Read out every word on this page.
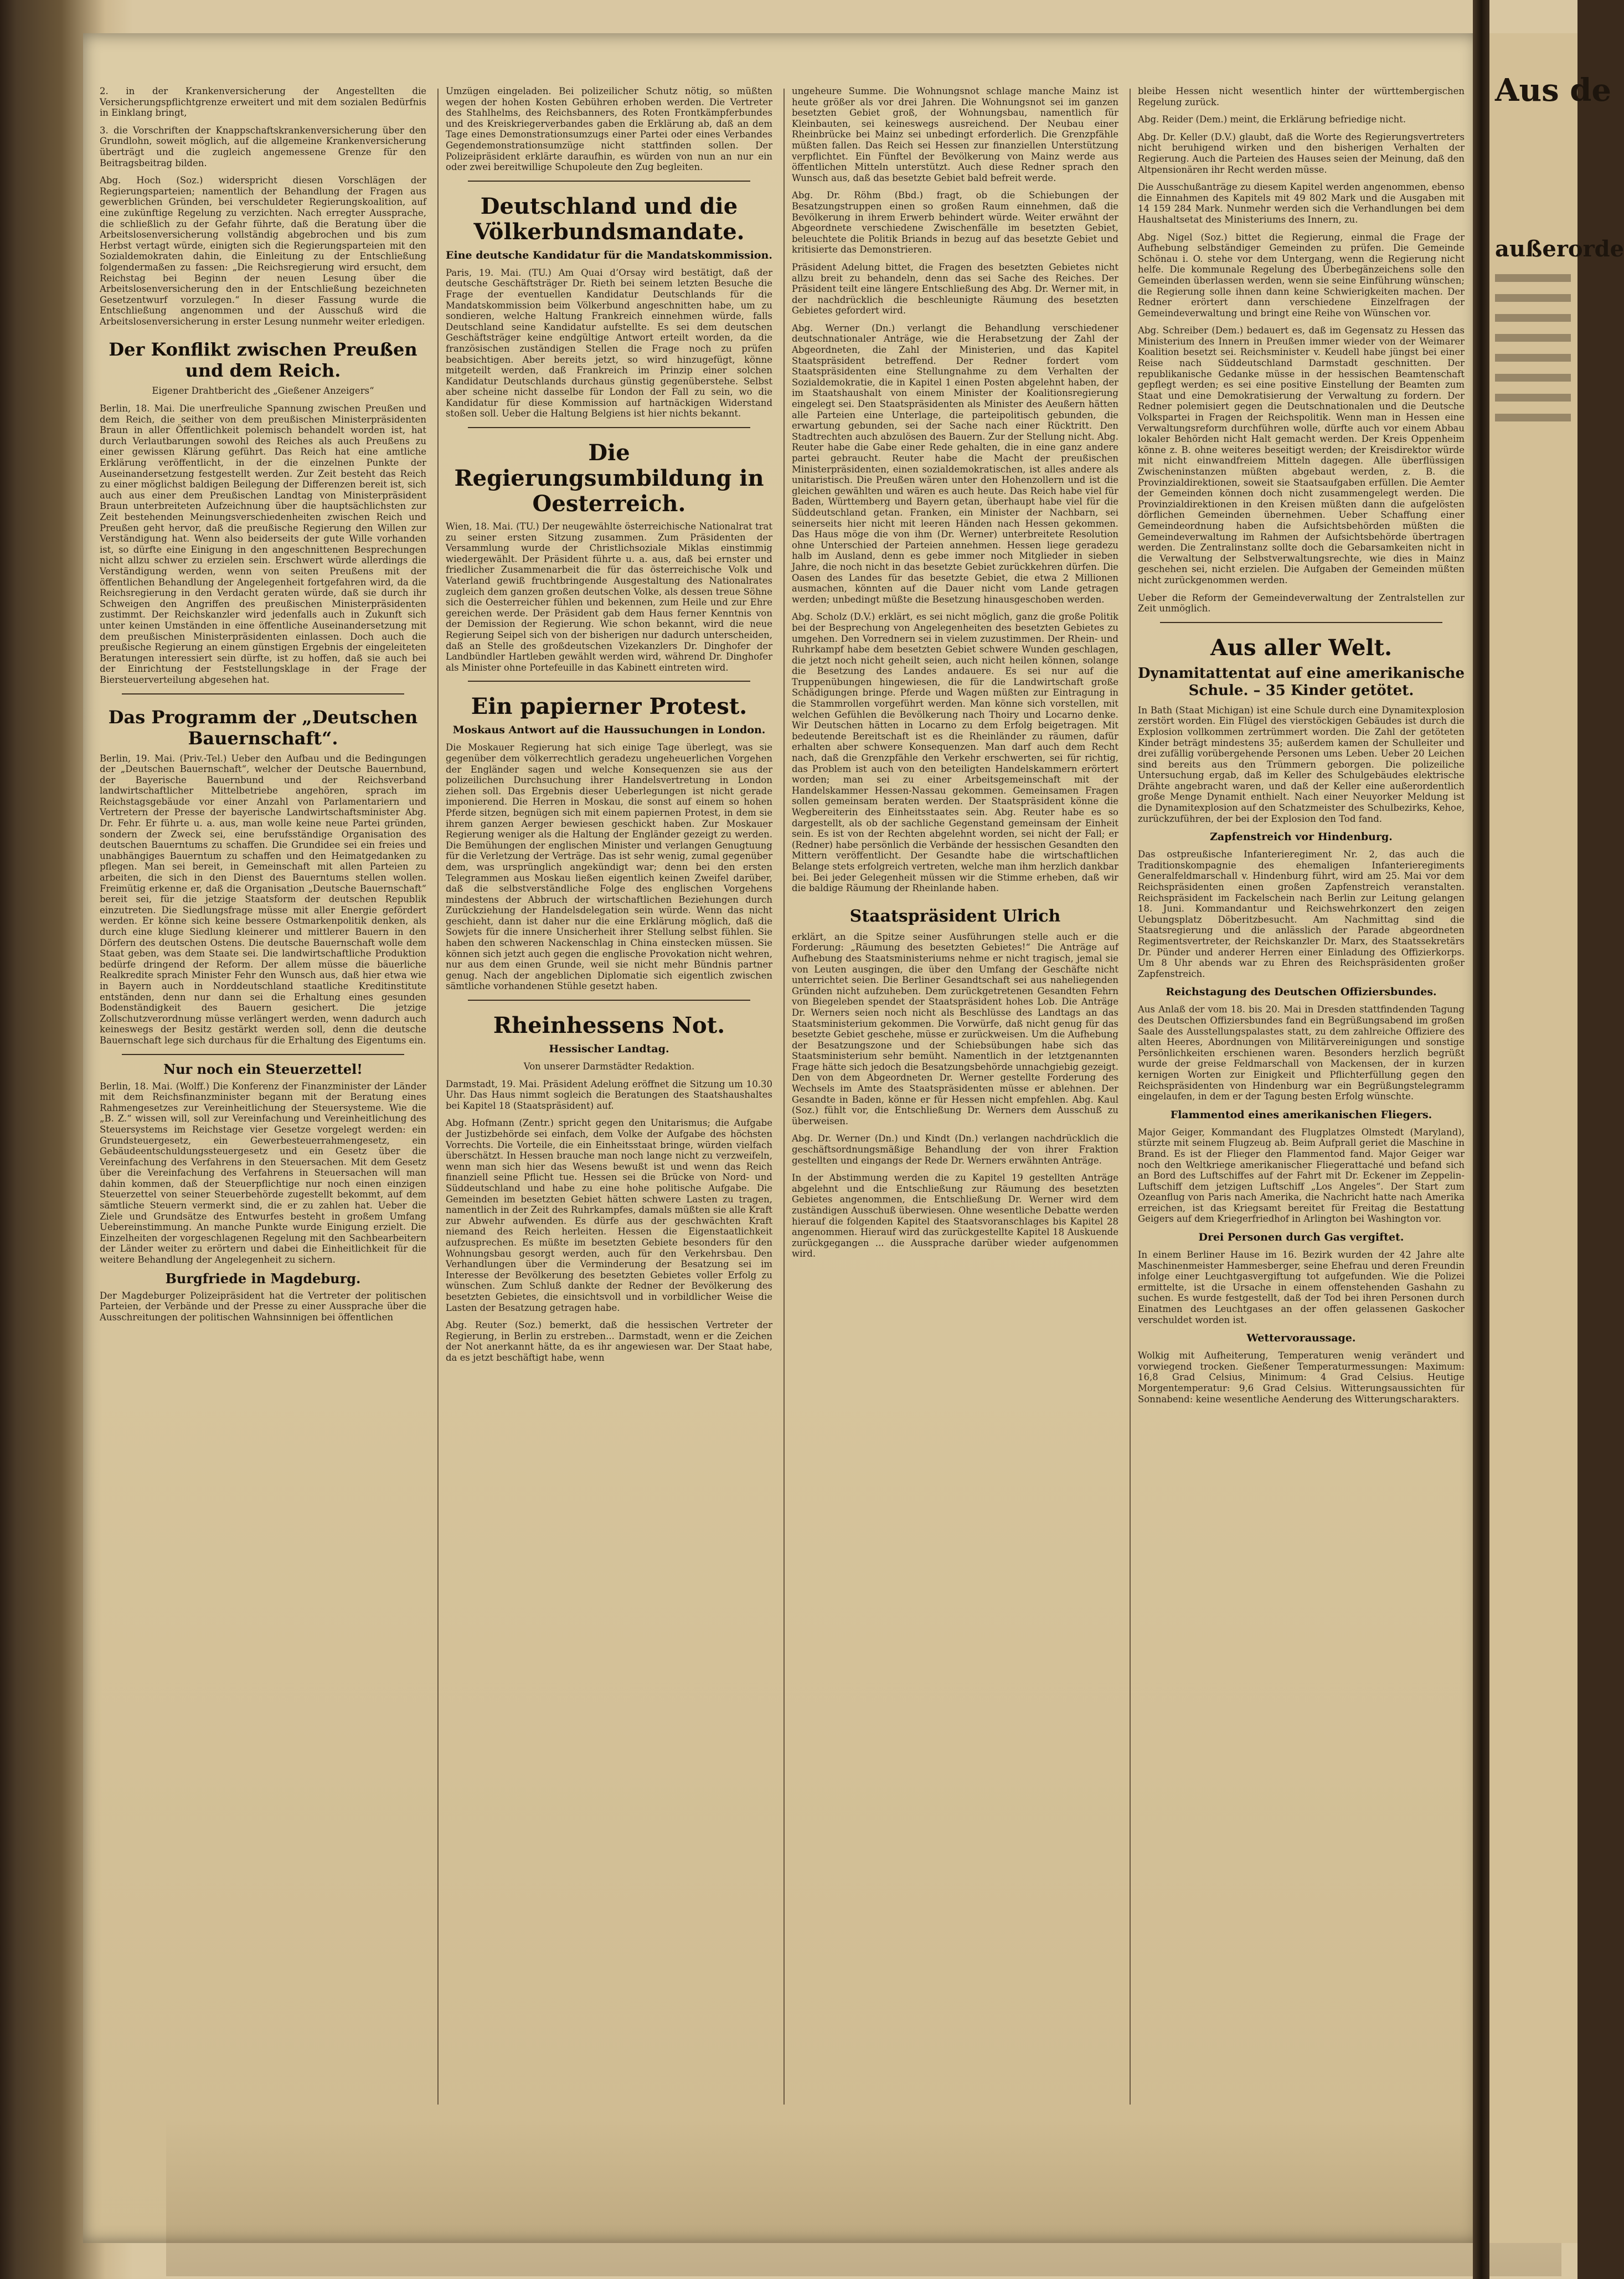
2. in der Krankenversicherung der Angestellten die Versicherungspflichtgrenze erweitert und mit dem sozialen Bedürfnis in Einklang bringt,

3. die Vorschriften der Knappschaftskrankenversicherung über den Grundlohn, soweit möglich, auf die allgemeine Krankenversicherung überträgt und die zugleich angemessene Grenze für den Beitragsbeitrag bilden.

Abg. Hoch (Soz.) widerspricht diesen Vorschlägen der Regierungsparteien; namentlich der Behandlung der Fragen aus gewerblichen Gründen, bei verschuldeter Regierungskoalition, auf eine zukünftige Regelung zu verzichten. Nach erregter Aussprache, die schließlich zu der Gefahr führte, daß die Beratung über die Arbeitslosenversicherung vollständig abgebrochen und bis zum Herbst vertagt würde, einigten sich die Regierungsparteien mit den Sozialdemokraten dahin, die Einleitung zu der Entschließung folgendermaßen zu fassen: „Die Reichsregierung wird ersucht, dem Reichstag bei Beginn der neuen Lesung über die Arbeitslosenversicherung den in der Entschließung bezeichneten Gesetzentwurf vorzulegen.“ In dieser Fassung wurde die Entschließung angenommen und der Ausschuß wird die Arbeitslosenversicherung in erster Lesung nunmehr weiter erledigen.

Der Konflikt zwischen Preußen und dem Reich.

Eigener Drahtbericht des „Gießener Anzeigers“

Berlin, 18. Mai. Die unerfreuliche Spannung zwischen Preußen und dem Reich, die seither von dem preußischen Ministerpräsidenten Braun in aller Öffentlichkeit polemisch behandelt worden ist, hat durch Verlautbarungen sowohl des Reiches als auch Preußens zu einer gewissen Klärung geführt. Das Reich hat eine amtliche Erklärung veröffentlicht, in der die einzelnen Punkte der Auseinandersetzung festgestellt werden. Zur Zeit besteht das Reich zu einer möglichst baldigen Beilegung der Differenzen bereit ist, sich auch aus einer dem Preußischen Landtag von Ministerpräsident Braun unterbreiteten Aufzeichnung über die hauptsächlichsten zur Zeit bestehenden Meinungsverschiedenheiten zwischen Reich und Preußen geht hervor, daß die preußische Regierung den Willen zur Verständigung hat. Wenn also beiderseits der gute Wille vorhanden ist, so dürfte eine Einigung in den angeschnittenen Besprechungen nicht allzu schwer zu erzielen sein. Erschwert würde allerdings die Verständigung werden, wenn von seiten Preußens mit der öffentlichen Behandlung der Angelegenheit fortgefahren wird, da die Reichsregierung in den Verdacht geraten würde, daß sie durch ihr Schweigen den Angriffen des preußischen Ministerpräsidenten zustimmt. Der Reichskanzler wird jedenfalls auch in Zukunft sich unter keinen Umständen in eine öffentliche Auseinandersetzung mit dem preußischen Ministerpräsidenten einlassen. Doch auch die preußische Regierung an einem günstigen Ergebnis der eingeleiteten Beratungen interessiert sein dürfte, ist zu hoffen, daß sie auch bei der Einrichtung der Feststellungsklage in der Frage der Biersteuerverteilung abgesehen hat.

Das Programm der „Deutschen Bauernschaft“.

Berlin, 19. Mai. (Priv.-Tel.) Ueber den Aufbau und die Bedingungen der „Deutschen Bauernschaft“, welcher der Deutsche Bauernbund, der Bayerische Bauernbund und der Reichsverband landwirtschaftlicher Mittelbetriebe angehören, sprach im Reichstagsgebäude vor einer Anzahl von Parlamentariern und Vertretern der Presse der bayerische Landwirtschaftsminister Abg. Dr. Fehr. Er führte u. a. aus, man wolle keine neue Partei gründen, sondern der Zweck sei, eine berufsständige Organisation des deutschen Bauerntums zu schaffen. Die Grundidee sei ein freies und unabhängiges Bauerntum zu schaffen und den Heimatgedanken zu pflegen. Man sei bereit, in Gemeinschaft mit allen Parteien zu arbeiten, die sich in den Dienst des Bauerntums stellen wollen. Freimütig erkenne er, daß die Organisation „Deutsche Bauernschaft“ bereit sei, für die jetzige Staatsform der deutschen Republik einzutreten. Die Siedlungsfrage müsse mit aller Energie gefördert werden. Er könne sich keine bessere Ostmarkenpolitik denken, als durch eine kluge Siedlung kleinerer und mittlerer Bauern in den Dörfern des deutschen Ostens. Die deutsche Bauernschaft wolle dem Staat geben, was dem Staate sei. Die landwirtschaftliche Produktion bedürfe dringend der Reform. Der allem müsse die bäuerliche Realkredite sprach Minister Fehr den Wunsch aus, daß hier etwa wie in Bayern auch in Norddeutschland staatliche Kreditinstitute entständen, denn nur dann sei die Erhaltung eines gesunden Bodenständigkeit des Bauern gesichert. Die jetzige Zollschutzverordnung müsse verlängert werden, wenn dadurch auch keineswegs der Besitz gestärkt werden soll, denn die deutsche Bauernschaft lege sich durchaus für die Erhaltung des Eigentums ein.

Nur noch ein Steuerzettel!

Berlin, 18. Mai. (Wolff.) Die Konferenz der Finanzminister der Länder mit dem Reichsfinanzminister begann mit der Beratung eines Rahmengesetzes zur Vereinheitlichung der Steuersysteme. Wie die „B. Z.“ wissen will, soll zur Vereinfachung und Vereinheitlichung des Steuersystems im Reichstage vier Gesetze vorgelegt werden: ein Grundsteuergesetz, ein Gewerbesteuerrahmengesetz, ein Gebäudeentschuldungssteuergesetz und ein Gesetz über die Vereinfachung des Verfahrens in den Steuersachen. Mit dem Gesetz über die Vereinfachung des Verfahrens in Steuersachen will man dahin kommen, daß der Steuerpflichtige nur noch einen einzigen Steuerzettel von seiner Steuerbehörde zugestellt bekommt, auf dem sämtliche Steuern vermerkt sind, die er zu zahlen hat. Ueber die Ziele und Grundsätze des Entwurfes besteht in großem Umfang Uebereinstimmung. An manche Punkte wurde Einigung erzielt. Die Einzelheiten der vorgeschlagenen Regelung mit den Sachbearbeitern der Länder weiter zu erörtern und dabei die Einheitlichkeit für die weitere Behandlung der Angelegenheit zu sichern.

Burgfriede in Magdeburg.

Der Magdeburger Polizeipräsident hat die Vertreter der politischen Parteien, der Verbände und der Presse zu einer Aussprache über die Ausschreitungen der politischen Wahnsinnigen bei öffentlichen

Umzügen eingeladen. Bei polizeilicher Schutz nötig, so müßten wegen der hohen Kosten Gebühren erhoben werden. Die Vertreter des Stahlhelms, des Reichsbanners, des Roten Frontkämpferbundes und des Kreiskriegerverbandes gaben die Erklärung ab, daß an dem Tage eines Demonstrationsumzugs einer Partei oder eines Verbandes Gegendemonstrationsumzüge nicht stattfinden sollen. Der Polizeipräsident erklärte daraufhin, es würden von nun an nur ein oder zwei bereitwillige Schupoleute den Zug begleiten.

Deutschland und die Völkerbundsmandate.
Eine deutsche Kandidatur für die Mandatskommission.

Paris, 19. Mai. (TU.) Am Quai d’Orsay wird bestätigt, daß der deutsche Geschäftsträger Dr. Rieth bei seinem letzten Besuche die Frage der eventuellen Kandidatur Deutschlands für die Mandatskommission beim Völkerbund angeschnitten habe, um zu sondieren, welche Haltung Frankreich einnehmen würde, falls Deutschland seine Kandidatur aufstellte. Es sei dem deutschen Geschäftsträger keine endgültige Antwort erteilt worden, da die französischen zuständigen Stellen die Frage noch zu prüfen beabsichtigen. Aber bereits jetzt, so wird hinzugefügt, könne mitgeteilt werden, daß Frankreich im Prinzip einer solchen Kandidatur Deutschlands durchaus günstig gegenüberstehe. Selbst aber scheine nicht dasselbe für London der Fall zu sein, wo die Kandidatur für diese Kommission auf hartnäckigen Widerstand stoßen soll. Ueber die Haltung Belgiens ist hier nichts bekannt.

Die Regierungsumbildung in Oesterreich.

Wien, 18. Mai. (TU.) Der neugewählte österreichische Nationalrat trat zu seiner ersten Sitzung zusammen. Zum Präsidenten der Versammlung wurde der Christlichsoziale Miklas einstimmig wiedergewählt. Der Präsident führte u. a. aus, daß bei ernster und friedlicher Zusammenarbeit die für das österreichische Volk und Vaterland gewiß fruchtbringende Ausgestaltung des Nationalrates zugleich dem ganzen großen deutschen Volke, als dessen treue Söhne sich die Oesterreicher fühlen und bekennen, zum Heile und zur Ehre gereichen werde. Der Präsident gab dem Haus ferner Kenntnis von der Demission der Regierung. Wie schon bekannt, wird die neue Regierung Seipel sich von der bisherigen nur dadurch unterscheiden, daß an Stelle des großdeutschen Vizekanzlers Dr. Dinghofer der Landbündler Hartleben gewählt werden wird, während Dr. Dinghofer als Minister ohne Portefeuille in das Kabinett eintreten wird.

Ein papierner Protest.
Moskaus Antwort auf die Haussuchungen in London.

Die Moskauer Regierung hat sich einige Tage überlegt, was sie gegenüber dem völkerrechtlich geradezu ungeheuerlichen Vorgehen der Engländer sagen und welche Konsequenzen sie aus der polizeilichen Durchsuchung ihrer Handelsvertretung in London ziehen soll. Das Ergebnis dieser Ueberlegungen ist nicht gerade imponierend. Die Herren in Moskau, die sonst auf einem so hohen Pferde sitzen, begnügen sich mit einem papiernen Protest, in dem sie ihrem ganzen Aerger bewiesen geschickt haben. Zur Moskauer Regierung weniger als die Haltung der Engländer gezeigt zu werden. Die Bemühungen der englischen Minister und verlangen Genugtuung für die Verletzung der Verträge. Das ist sehr wenig, zumal gegenüber dem, was ursprünglich angekündigt war; denn bei den ersten Telegrammen aus Moskau ließen eigentlich keinen Zweifel darüber, daß die selbstverständliche Folge des englischen Vorgehens mindestens der Abbruch der wirtschaftlichen Beziehungen durch Zurückziehung der Handelsdelegation sein würde. Wenn das nicht geschieht, dann ist daher nur die eine Erklärung möglich, daß die Sowjets für die innere Unsicherheit ihrer Stellung selbst fühlen. Sie haben den schweren Nackenschlag in China einstecken müssen. Sie können sich jetzt auch gegen die englische Provokation nicht wehren, nur aus dem einen Grunde, weil sie nicht mehr Bündnis partner genug. Nach der angeblichen Diplomatie sich eigentlich zwischen sämtliche vorhandenen Stühle gesetzt haben.

Rheinhessens Not.
Hessischer Landtag.

Von unserer Darmstädter Redaktion.

Darmstadt, 19. Mai. Präsident Adelung eröffnet die Sitzung um 10.30 Uhr. Das Haus nimmt sogleich die Beratungen des Staatshaushaltes bei Kapitel 18 (Staatspräsident) auf.

Abg. Hofmann (Zentr.) spricht gegen den Unitarismus; die Aufgabe der Justizbehörde sei einfach, dem Volke der Aufgabe des höchsten Vorrechts. Die Vorteile, die ein Einheitsstaat bringe, würden vielfach überschätzt. In Hessen brauche man noch lange nicht zu verzweifeln, wenn man sich hier das Wesens bewußt ist und wenn das Reich finanziell seine Pflicht tue. Hessen sei die Brücke von Nord- und Süddeutschland und habe zu eine hohe politische Aufgabe. Die Gemeinden im besetzten Gebiet hätten schwere Lasten zu tragen, namentlich in der Zeit des Ruhrkampfes, damals müßten sie alle Kraft zur Abwehr aufwenden. Es dürfe aus der geschwächten Kraft niemand des Reich herleiten. Hessen die Eigenstaatlichkeit aufzusprechen. Es müßte im besetzten Gebiete besonders für den Wohnungsbau gesorgt werden, auch für den Verkehrsbau. Den Verhandlungen über die Verminderung der Besatzung sei im Interesse der Bevölkerung des besetzten Gebietes voller Erfolg zu wünschen. Zum Schluß dankte der Redner der Bevölkerung des besetzten Gebietes, die einsichtsvoll und in vorbildlicher Weise die Lasten der Besatzung getragen habe.

Abg. Reuter (Soz.) bemerkt, daß die hessischen Vertreter der Regierung, in Berlin zu erstreben... Darmstadt, wenn er die Zeichen der Not anerkannt hätte, da es ihr angewiesen war. Der Staat habe, da es jetzt beschäftigt habe, wenn

ungeheure Summe. Die Wohnungsnot schlage manche Mainz ist heute größer als vor drei Jahren. Die Wohnungsnot sei im ganzen besetzten Gebiet groß, der Wohnungsbau, namentlich für Kleinbauten, sei keineswegs ausreichend. Der Neubau einer Rheinbrücke bei Mainz sei unbedingt erforderlich. Die Grenzpfähle müßten fallen. Das Reich sei Hessen zur finanziellen Unterstützung verpflichtet. Ein Fünftel der Bevölkerung von Mainz werde aus öffentlichen Mitteln unterstützt. Auch diese Redner sprach den Wunsch aus, daß das besetzte Gebiet bald befreit werde.

Abg. Dr. Röhm (Bbd.) fragt, ob die Schiebungen der Besatzungstruppen einen so großen Raum einnehmen, daß die Bevölkerung in ihrem Erwerb behindert würde. Weiter erwähnt der Abgeordnete verschiedene Zwischenfälle im besetzten Gebiet, beleuchtete die Politik Briands in bezug auf das besetzte Gebiet und kritisierte das Demonstrieren.

Präsident Adelung bittet, die Fragen des besetzten Gebietes nicht allzu breit zu behandeln, denn das sei Sache des Reiches. Der Präsident teilt eine längere Entschließung des Abg. Dr. Werner mit, in der nachdrücklich die beschleunigte Räumung des besetzten Gebietes gefordert wird.

Abg. Werner (Dn.) verlangt die Behandlung verschiedener deutschnationaler Anträge, wie die Herabsetzung der Zahl der Abgeordneten, die Zahl der Ministerien, und das Kapitel Staatspräsident betreffend. Der Redner fordert vom Staatspräsidenten eine Stellungnahme zu dem Verhalten der Sozialdemokratie, die in Kapitel 1 einen Posten abgelehnt haben, der im Staatshaushalt von einem Minister der Koalitionsregierung eingelegt sei. Den Staatspräsidenten als Minister des Aeußern hätten alle Parteien eine Unterlage, die parteipolitisch gebunden, die erwartung gebunden, sei der Sache nach einer Rücktritt. Den Stadtrechten auch abzulösen des Bauern. Zur der Stellung nicht. Abg. Reuter habe die Gabe einer Rede gehalten, die in eine ganz andere partei gebraucht. Reuter habe die Macht der preußischen Ministerpräsidenten, einen sozialdemokratischen, ist alles andere als unitaristisch. Die Preußen wären unter den Hohenzollern und ist die gleichen gewählten und wären es auch heute. Das Reich habe viel für Baden, Württemberg und Bayern getan, überhaupt habe viel für die Süddeutschland getan. Franken, ein Minister der Nachbarn, sei seinerseits hier nicht mit leeren Händen nach Hessen gekommen. Das Haus möge die von ihm (Dr. Werner) unterbreitete Resolution ohne Unterschied der Parteien annehmen. Hessen liege geradezu halb im Ausland, denn es gebe immer noch Mitglieder in sieben Jahre, die noch nicht in das besetzte Gebiet zurückkehren dürfen. Die Oasen des Landes für das besetzte Gebiet, die etwa 2 Millionen ausmachen, könnten auf die Dauer nicht vom Lande getragen werden; unbedingt müßte die Besetzung hinausgeschoben werden.

Abg. Scholz (D.V.) erklärt, es sei nicht möglich, ganz die große Politik bei der Besprechung von Angelegenheiten des besetzten Gebietes zu umgehen. Den Vorrednern sei in vielem zuzustimmen. Der Rhein- und Ruhrkampf habe dem besetzten Gebiet schwere Wunden geschlagen, die jetzt noch nicht geheilt seien, auch nicht heilen können, solange die Besetzung des Landes andauere. Es sei nur auf die Truppenübungen hingewiesen, die für die Landwirtschaft große Schädigungen bringe. Pferde und Wagen müßten zur Eintragung in die Stammrollen vorgeführt werden. Man könne sich vorstellen, mit welchen Gefühlen die Bevölkerung nach Thoiry und Locarno denke. Wir Deutschen hätten in Locarno zu dem Erfolg beigetragen. Mit bedeutende Bereitschaft ist es die Rheinländer zu räumen, dafür erhalten aber schwere Konsequenzen. Man darf auch dem Recht nach, daß die Grenzpfähle den Verkehr erschwerten, sei für richtig, das Problem ist auch von den beteiligten Handelskammern erörtert worden; man sei zu einer Arbeitsgemeinschaft mit der Handelskammer Hessen-Nassau gekommen. Gemeinsamen Fragen sollen gemeinsam beraten werden. Der Staatspräsident könne die Wegbereiterin des Einheitsstaates sein. Abg. Reuter habe es so dargestellt, als ob der sachliche Gegenstand gemeinsam der Einheit sein. Es ist von der Rechten abgelehnt worden, sei nicht der Fall; er (Redner) habe persönlich die Verbände der hessischen Gesandten den Mittern veröffentlicht. Der Gesandte habe die wirtschaftlichen Belange stets erfolgreich vertreten, welche man ihm herzlich dankbar bei. Bei jeder Gelegenheit müssen wir die Stimme erheben, daß wir die baldige Räumung der Rheinlande haben.

Staatspräsident Ulrich

erklärt, an die Spitze seiner Ausführungen stelle auch er die Forderung: „Räumung des besetzten Gebietes!“ Die Anträge auf Aufhebung des Staatsministeriums nehme er nicht tragisch, jemal sie von Leuten ausgingen, die über den Umfang der Geschäfte nicht unterrichtet seien. Die Berliner Gesandtschaft sei aus naheliegenden Gründen nicht aufzuheben. Dem zurückgetretenen Gesandten Fehrn von Biegeleben spendet der Staatspräsident hohes Lob. Die Anträge Dr. Werners seien noch nicht als Beschlüsse des Landtags an das Staatsministerium gekommen. Die Vorwürfe, daß nicht genug für das besetzte Gebiet geschehe, müsse er zurückweisen. Um die Aufhebung der Besatzungszone und der Schiebsübungen habe sich das Staatsministerium sehr bemüht. Namentlich in der letztgenannten Frage hätte sich jedoch die Besatzungsbehörde unnachgiebig gezeigt. Den von dem Abgeordneten Dr. Werner gestellte Forderung des Wechsels im Amte des Staatspräsidenten müsse er ablehnen. Der Gesandte in Baden, könne er für Hessen nicht empfehlen. Abg. Kaul (Soz.) fühlt vor, die Entschließung Dr. Werners dem Ausschuß zu überweisen.

Abg. Dr. Werner (Dn.) und Kindt (Dn.) verlangen nachdrücklich die geschäftsordnungsmäßige Behandlung der von ihrer Fraktion gestellten und eingangs der Rede Dr. Werners erwähnten Anträge.

In der Abstimmung werden die zu Kapitel 19 gestellten Anträge abgelehnt und die Entschließung zur Räumung des besetzten Gebietes angenommen, die Entschließung Dr. Werner wird dem zuständigen Ausschuß überwiesen. Ohne wesentliche Debatte werden hierauf die folgenden Kapitel des Staatsvoranschlages bis Kapitel 28 angenommen. Hierauf wird das zurückgestellte Kapitel 18 Auskuende zurückgegangen ... die Aussprache darüber wieder aufgenommen wird.

bleibe Hessen nicht wesentlich hinter der württembergischen Regelung zurück.

Abg. Reider (Dem.) meint, die Erklärung befriedige nicht.

Abg. Dr. Keller (D.V.) glaubt, daß die Worte des Regierungsvertreters nicht beruhigend wirken und den bisherigen Verhalten der Regierung. Auch die Parteien des Hauses seien der Meinung, daß den Altpensionären ihr Recht werden müsse.

Die Ausschußanträge zu diesem Kapitel werden angenommen, ebenso die Einnahmen des Kapitels mit 49 802 Mark und die Ausgaben mit 14 159 284 Mark. Nunmehr werden sich die Verhandlungen bei dem Haushaltsetat des Ministeriums des Innern, zu.

Abg. Nigel (Soz.) bittet die Regierung, einmal die Frage der Aufhebung selbständiger Gemeinden zu prüfen. Die Gemeinde Schönau i. O. stehe vor dem Untergang, wenn die Regierung nicht helfe. Die kommunale Regelung des Überbegänzeichens solle den Gemeinden überlassen werden, wenn sie seine Einführung wünschen; die Regierung solle ihnen dann keine Schwierigkeiten machen. Der Redner erörtert dann verschiedene Einzelfragen der Gemeindeverwaltung und bringt eine Reihe von Wünschen vor.

Abg. Schreiber (Dem.) bedauert es, daß im Gegensatz zu Hessen das Ministerium des Innern in Preußen immer wieder von der Weimarer Koalition besetzt sei. Reichsminister v. Keudell habe jüngst bei einer Reise nach Süddeutschland Darmstadt geschnitten. Der republikanische Gedanke müsse in der hessischen Beamtenschaft gepflegt werden; es sei eine positive Einstellung der Beamten zum Staat und eine Demokratisierung der Verwaltung zu fordern. Der Redner polemisiert gegen die Deutschnationalen und die Deutsche Volkspartei in Fragen der Reichspolitik. Wenn man in Hessen eine Verwaltungsreform durchführen wolle, dürfte auch vor einem Abbau lokaler Behörden nicht Halt gemacht werden. Der Kreis Oppenheim könne z. B. ohne weiteres beseitigt werden; der Kreisdirektor würde mit nicht einwandfreiem Mitteln dagegen. Alle überflüssigen Zwischeninstanzen müßten abgebaut werden, z. B. die Provinzialdirektionen, soweit sie Staatsaufgaben erfüllen. Die Aemter der Gemeinden können doch nicht zusammengelegt werden. Die Provinzialdirektionen in den Kreisen müßten dann die aufgelösten dörflichen Gemeinden übernehmen. Ueber Schaffung einer Gemeindeordnung haben die Aufsichtsbehörden müßten die Gemeindeverwaltung im Rahmen der Aufsichtsbehörde übertragen werden. Die Zentralinstanz sollte doch die Gebarsamkeiten nicht in die Verwaltung der Selbstverwaltungsrechte, wie dies in Mainz geschehen sei, nicht erzielen. Die Aufgaben der Gemeinden müßten nicht zurückgenommen werden.

Ueber die Reform der Gemeindeverwaltung der Zentralstellen zur Zeit unmöglich.

Aus aller Welt.
Dynamitattentat auf eine amerikanische Schule. – 35 Kinder getötet.

In Bath (Staat Michigan) ist eine Schule durch eine Dynamitexplosion zerstört worden. Ein Flügel des vierstöckigen Gebäudes ist durch die Explosion vollkommen zertrümmert worden. Die Zahl der getöteten Kinder beträgt mindestens 35; außerdem kamen der Schulleiter und drei zufällig vorübergehende Personen ums Leben. Ueber 20 Leichen sind bereits aus den Trümmern geborgen. Die polizeiliche Untersuchung ergab, daß im Keller des Schulgebäudes elektrische Drähte angebracht waren, und daß der Keller eine außerordentlich große Menge Dynamit enthielt. Nach einer Neuyorker Meldung ist die Dynamitexplosion auf den Schatzmeister des Schulbezirks, Kehoe, zurückzuführen, der bei der Explosion den Tod fand.

Zapfenstreich vor Hindenburg.

Das ostpreußische Infanterieregiment Nr. 2, das auch die Traditionskompagnie des ehemaligen Infanterieregiments Generalfeldmarschall v. Hindenburg führt, wird am 25. Mai vor dem Reichspräsidenten einen großen Zapfenstreich veranstalten. Reichspräsident im Fackelschein nach Berlin zur Leitung gelangen 18. Juni. Kommandantur und Reichswehrkonzert den zeigen Uebungsplatz Döberitzbesucht. Am Nachmittag sind die Staatsregierung und die anlässlich der Parade abgeordneten Regimentsvertreter, der Reichskanzler Dr. Marx, des Staatssekretärs Dr. Pünder und anderer Herren einer Einladung des Offizierkorps. Um 8 Uhr abends war zu Ehren des Reichspräsidenten großer Zapfenstreich.

Reichstagung des Deutschen Offiziersbundes.

Aus Anlaß der vom 18. bis 20. Mai in Dresden stattfindenden Tagung des Deutschen Offiziersbundes fand ein Begrüßungsabend im großen Saale des Ausstellungspalastes statt, zu dem zahlreiche Offiziere des alten Heeres, Abordnungen von Militärvereinigungen und sonstige Persönlichkeiten erschienen waren. Besonders herzlich begrüßt wurde der greise Feldmarschall von Mackensen, der in kurzen kernigen Worten zur Einigkeit und Pflichterfüllung gegen den Reichspräsidenten von Hindenburg war ein Begrüßungstelegramm eingelaufen, in dem er der Tagung besten Erfolg wünschte.

Flammentod eines amerikanischen Fliegers.

Major Geiger, Kommandant des Flugplatzes Olmstedt (Maryland), stürzte mit seinem Flugzeug ab. Beim Aufprall geriet die Maschine in Brand. Es ist der Flieger den Flammentod fand. Major Geiger war noch den Weltkriege amerikanischer Fliegerattaché und befand sich an Bord des Luftschiffes auf der Fahrt mit Dr. Eckener im Zeppelin-Luftschiff dem jetzigen Luftschiff „Los Angeles“. Der Start zum Ozeanflug von Paris nach Amerika, die Nachricht hatte nach Amerika erreichen, ist das Kriegsamt bereitet für Freitag die Bestattung Geigers auf dem Kriegerfriedhof in Arlington bei Washington vor.

Drei Personen durch Gas vergiftet.

In einem Berliner Hause im 16. Bezirk wurden der 42 Jahre alte Maschinenmeister Hammesberger, seine Ehefrau und deren Freundin infolge einer Leuchtgasvergiftung tot aufgefunden. Wie die Polizei ermittelte, ist die Ursache in einem offenstehenden Gashahn zu suchen. Es wurde festgestellt, daß der Tod bei ihren Personen durch Einatmen des Leuchtgases an der offen gelassenen Gaskocher verschuldet worden ist.

Wettervoraussage.

Wolkig mit Aufheiterung, Temperaturen wenig verändert und vorwiegend trocken. Gießener Temperaturmessungen: Maximum: 16,8 Grad Celsius, Minimum: 4 Grad Celsius. Heutige Morgentemperatur: 9,6 Grad Celsius. Witterungsaussichten für Sonnabend: keine wesentliche Aenderung des Witterungscharakters.

Aus de
außerorde
